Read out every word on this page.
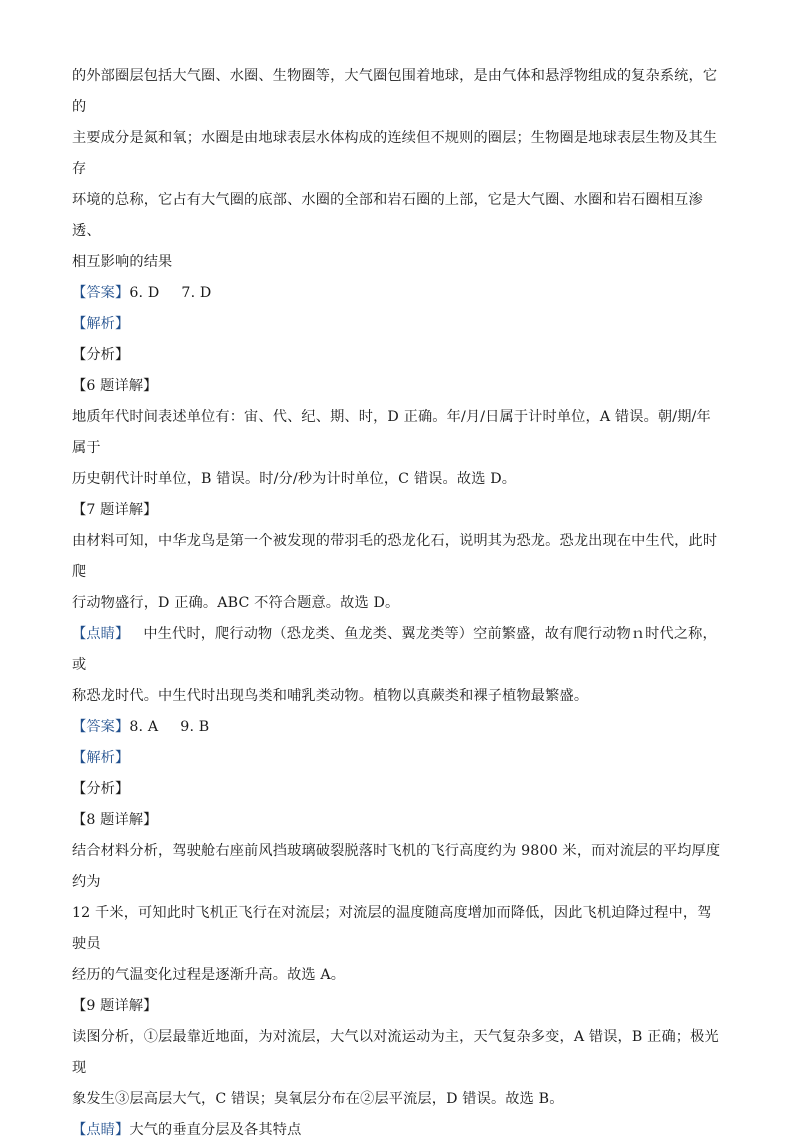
的外部圈层包括大气圈、水圈、生物圈等，大气圈包围着地球，是由气体和悬浮物组成的复杂系统，它的

主要成分是氮和氧；水圈是由地球表层水体构成的连续但不规则的圈层；生物圈是地球表层生物及其生存

环境的总称，它占有大气圈的底部、水圈的全部和岩石圈的上部，它是大气圈、水圈和岩石圈相互渗透、

相互影响的结果

【答案】6. D 7. D

【解析】

【分析】

【6 题详解】

地质年代时间表述单位有：宙、代、纪、期、时，D 正确。年/月/日属于计时单位，A 错误。朝/期/年属于

历史朝代计时单位，B 错误。时/分/秒为计时单位，C 错误。故选 D。

【7 题详解】

由材料可知，中华龙鸟是第一个被发现的带羽毛的恐龙化石，说明其为恐龙。恐龙出现在中生代，此时爬

行动物盛行，D 正确。ABC 不符合题意。故选 D。

【点睛】 中生代时，爬行动物（恐龙类、鱼龙类、翼龙类等）空前繁盛，故有爬行动物ｎ时代之称，或

称恐龙时代。中生代时出现鸟类和哺乳类动物。植物以真蕨类和裸子植物最繁盛。

【答案】8. A 9. B

【解析】

【分析】

【8 题详解】

结合材料分析，驾驶舱右座前风挡玻璃破裂脱落时飞机的飞行高度约为 9800 米，而对流层的平均厚度约为

12 千米，可知此时飞机正飞行在对流层；对流层的温度随高度增加而降低，因此飞机迫降过程中，驾驶员

经历的气温变化过程是逐渐升高。故选 A。

【9 题详解】

读图分析，①层最靠近地面，为对流层，大气以对流运动为主，天气复杂多变，A 错误，B 正确；极光现

象发生③层高层大气，C 错误；臭氧层分布在②层平流层，D 错误。故选 B。

【点睛】大气的垂直分层及各其特点
